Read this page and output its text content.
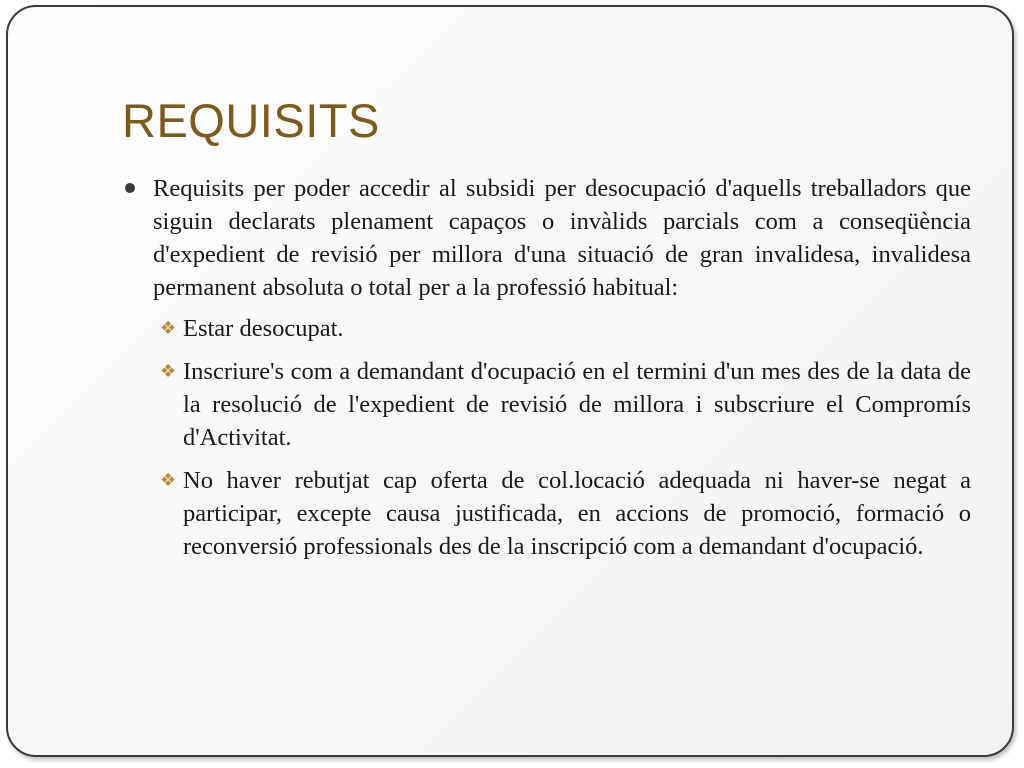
REQUISITS
Requisits per poder accedir al subsidi per desocupació d'aquells treballadors que siguin declarats plenament capaços o invàlids parcials com a conseqüència d'expedient de revisió per millora d'una situació de gran invalidesa, invalidesa permanent absoluta o total per a la professió habitual:
❖ Estar desocupat.
❖ Inscriure's com a demandant d'ocupació en el termini d'un mes des de la data de la resolució de l'expedient de revisió de millora i subscriure el Compromís d'Activitat.
❖ No haver rebutjat cap oferta de col.locació adequada ni haver-se negat a participar, excepte causa justificada, en accions de promoció, formació o reconversió professionals des de la inscripció com a demandant d'ocupació.
